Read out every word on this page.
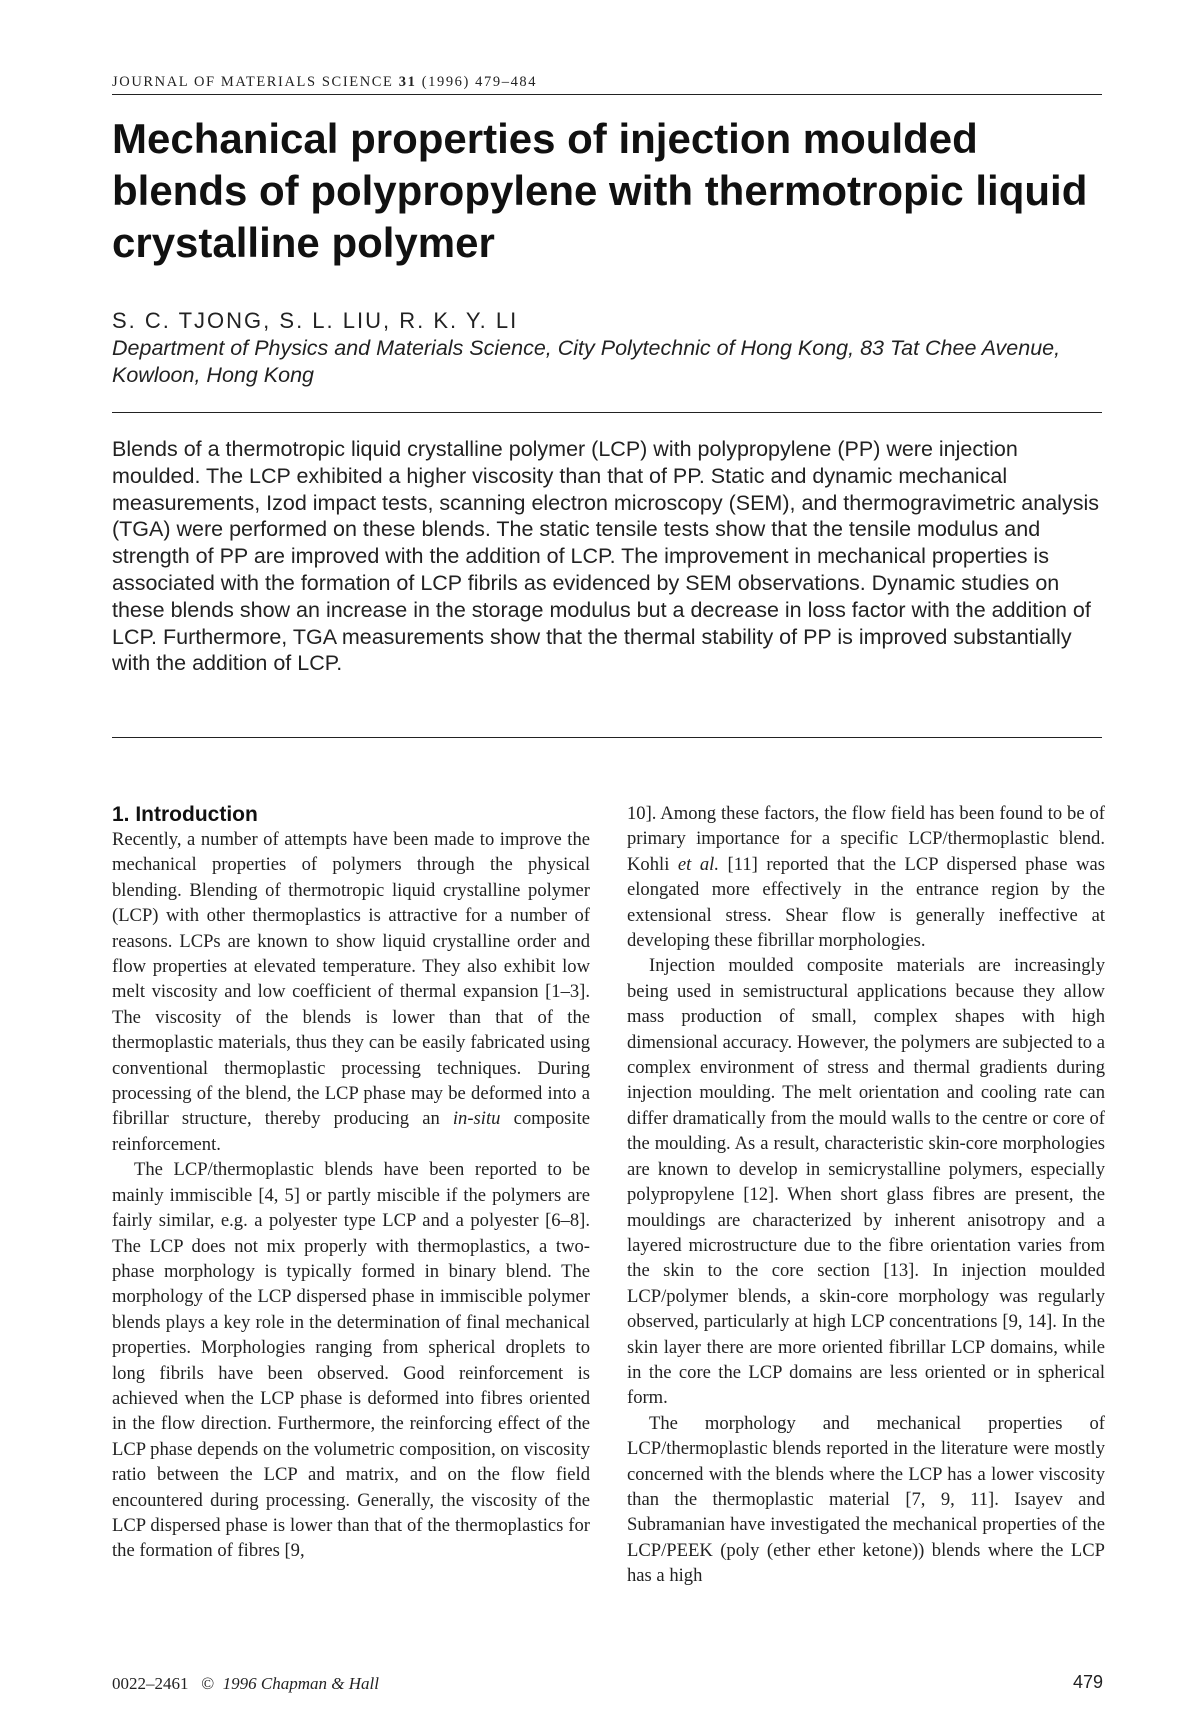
JOURNAL OF MATERIALS SCIENCE 31 (1996) 479–484
Mechanical properties of injection moulded blends of polypropylene with thermotropic liquid crystalline polymer
S. C. TJONG, S. L. LIU, R. K. Y. LI
Department of Physics and Materials Science, City Polytechnic of Hong Kong, 83 Tat Chee Avenue, Kowloon, Hong Kong

Blends of a thermotropic liquid crystalline polymer (LCP) with polypropylene (PP) were injection moulded. The LCP exhibited a higher viscosity than that of PP. Static and dynamic mechanical measurements, Izod impact tests, scanning electron microscopy (SEM), and thermogravimetric analysis (TGA) were performed on these blends. The static tensile tests show that the tensile modulus and strength of PP are improved with the addition of LCP. The improvement in mechanical properties is associated with the formation of LCP fibrils as evidenced by SEM observations. Dynamic studies on these blends show an increase in the storage modulus but a decrease in loss factor with the addition of LCP. Furthermore, TGA measurements show that the thermal stability of PP is improved substantially with the addition of LCP.

1. Introduction

Recently, a number of attempts have been made to improve the mechanical properties of polymers through the physical blending. Blending of thermotropic liquid crystalline polymer (LCP) with other thermoplastics is attractive for a number of reasons. LCPs are known to show liquid crystalline order and flow properties at elevated temperature. They also exhibit low melt viscosity and low coefficient of thermal expansion [1–3]. The viscosity of the blends is lower than that of the thermoplastic materials, thus they can be easily fabricated using conventional thermoplastic processing techniques. During processing of the blend, the LCP phase may be deformed into a fibrillar structure, thereby producing an in-situ composite reinforcement.

The LCP/thermoplastic blends have been reported to be mainly immiscible [4, 5] or partly miscible if the polymers are fairly similar, e.g. a polyester type LCP and a polyester [6–8]. The LCP does not mix properly with thermoplastics, a two-phase morphology is typically formed in binary blend. The morphology of the LCP dispersed phase in immiscible polymer blends plays a key role in the determination of final mechanical properties. Morphologies ranging from spherical droplets to long fibrils have been observed. Good reinforcement is achieved when the LCP phase is deformed into fibres oriented in the flow direction. Furthermore, the reinforcing effect of the LCP phase depends on the volumetric composition, on viscosity ratio between the LCP and matrix, and on the flow field encountered during processing. Generally, the viscosity of the LCP dispersed phase is lower than that of the thermoplastics for the formation of fibres [9,

10]. Among these factors, the flow field has been found to be of primary importance for a specific LCP/thermoplastic blend. Kohli et al. [11] reported that the LCP dispersed phase was elongated more effectively in the entrance region by the extensional stress. Shear flow is generally ineffective at developing these fibrillar morphologies.

Injection moulded composite materials are increasingly being used in semistructural applications because they allow mass production of small, complex shapes with high dimensional accuracy. However, the polymers are subjected to a complex environment of stress and thermal gradients during injection moulding. The melt orientation and cooling rate can differ dramatically from the mould walls to the centre or core of the moulding. As a result, characteristic skin-core morphologies are known to develop in semicrystalline polymers, especially polypropylene [12]. When short glass fibres are present, the mouldings are characterized by inherent anisotropy and a layered microstructure due to the fibre orientation varies from the skin to the core section [13]. In injection moulded LCP/polymer blends, a skin-core morphology was regularly observed, particularly at high LCP concentrations [9, 14]. In the skin layer there are more oriented fibrillar LCP domains, while in the core the LCP domains are less oriented or in spherical form.

The morphology and mechanical properties of LCP/thermoplastic blends reported in the literature were mostly concerned with the blends where the LCP has a lower viscosity than the thermoplastic material [7, 9, 11]. Isayev and Subramanian have investigated the mechanical properties of the LCP/PEEK (poly (ether ether ketone)) blends where the LCP has a high

0022–2461 © 1996 Chapman & Hall	479
